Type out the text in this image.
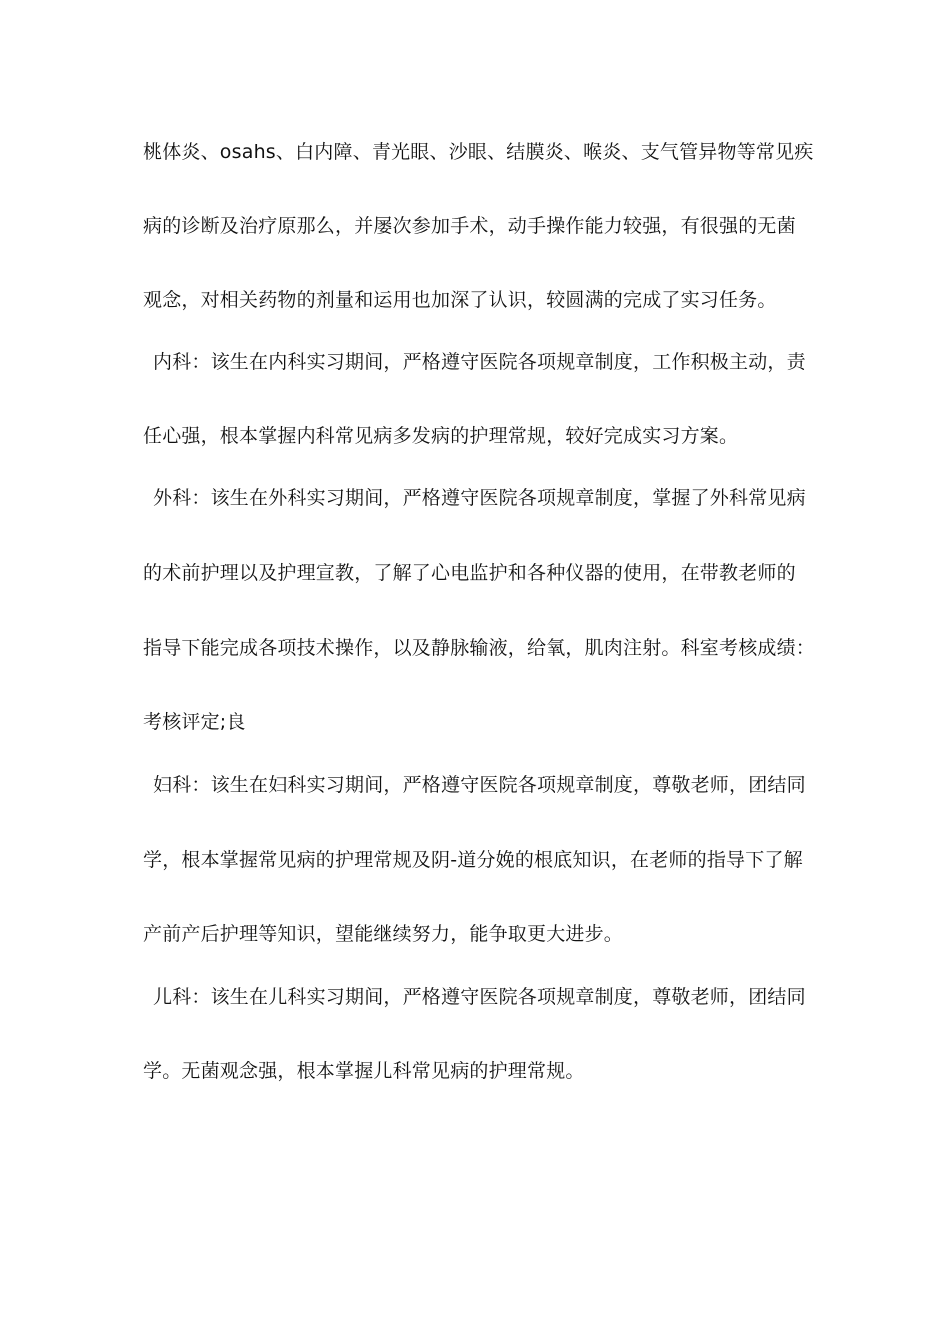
桃体炎、osahs、白内障、青光眼、沙眼、结膜炎、喉炎、支气管异物等常见疾
病的诊断及治疗原那么，并屡次参加手术，动手操作能力较强，有很强的无菌
观念，对相关药物的剂量和运用也加深了认识，较圆满的完成了实习任务。
内科：该生在内科实习期间，严格遵守医院各项规章制度，工作积极主动，责
任心强，根本掌握内科常见病多发病的护理常规，较好完成实习方案。
外科：该生在外科实习期间，严格遵守医院各项规章制度，掌握了外科常见病
的术前护理以及护理宣教，了解了心电监护和各种仪器的使用，在带教老师的
指导下能完成各项技术操作，以及静脉输液，给氧，肌肉注射。科室考核成绩：
考核评定;良
妇科：该生在妇科实习期间，严格遵守医院各项规章制度，尊敬老师，团结同
学，根本掌握常见病的护理常规及阴-道分娩的根底知识，在老师的指导下了解
产前产后护理等知识，望能继续努力，能争取更大进步。
儿科：该生在儿科实习期间，严格遵守医院各项规章制度，尊敬老师，团结同
学。无菌观念强，根本掌握儿科常见病的护理常规。
